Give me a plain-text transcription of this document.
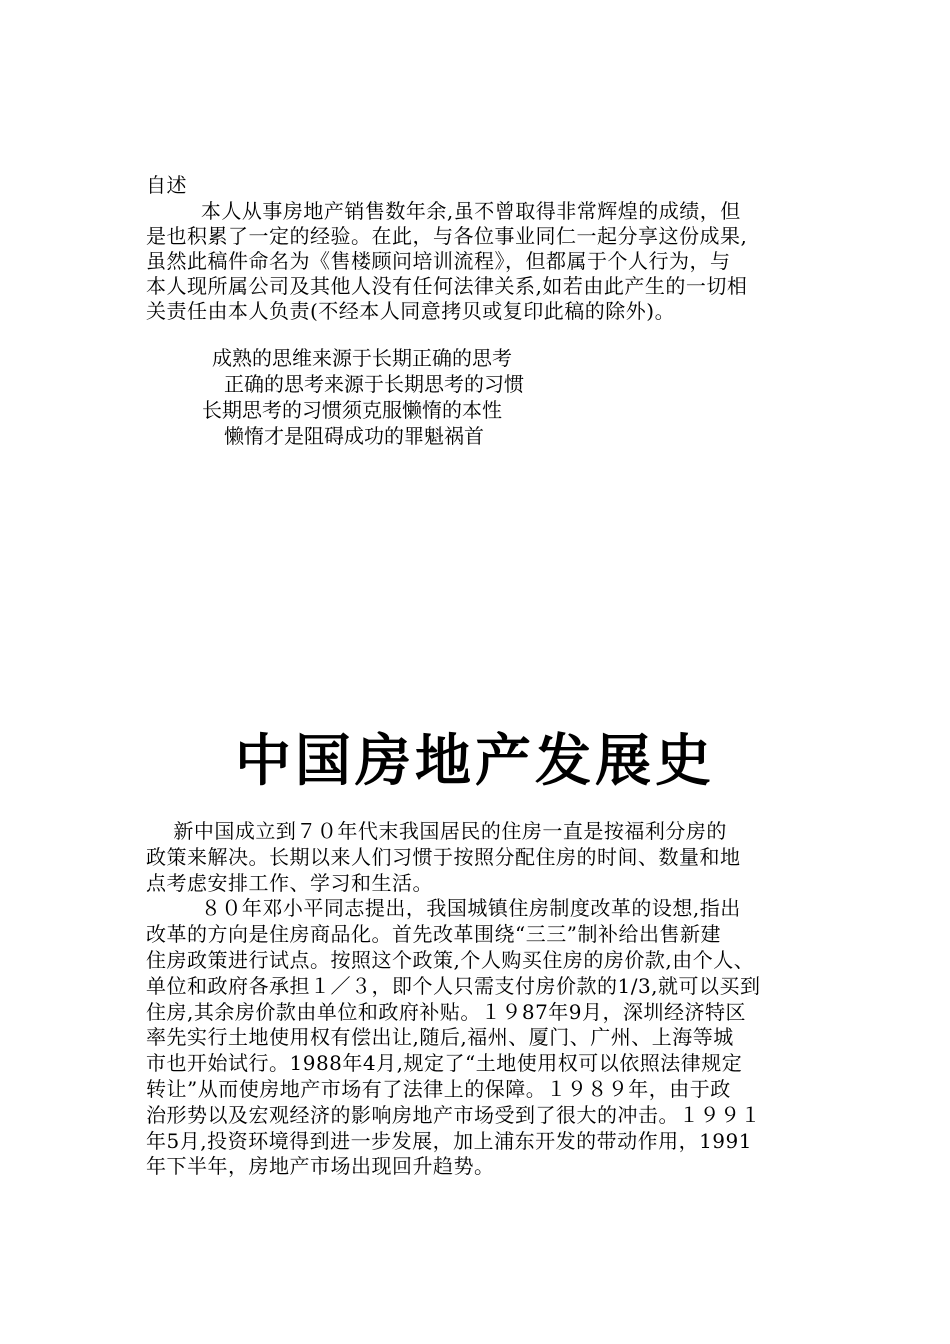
自述
本人从事房地产销售数年余,虽不曾取得非常辉煌的成绩，但
是也积累了一定的经验。在此，与各位事业同仁一起分享这份成果,
虽然此稿件命名为《售楼顾问培训流程》，但都属于个人行为，与
本人现所属公司及其他人没有任何法律关系,如若由此产生的一切相
关责任由本人负责(不经本人同意拷贝或复印此稿的除外)。
成熟的思维来源于长期正确的思考
正确的思考来源于长期思考的习惯
长期思考的习惯须克服懒惰的本性
懒惰才是阻碍成功的罪魁祸首
中国房地产发展史
新中国成立到７０年代末我国居民的住房一直是按福利分房的
政策来解决。长期以来人们习惯于按照分配住房的时间、数量和地
点考虑安排工作、学习和生活。
８０年邓小平同志提出，我国城镇住房制度改革的设想,指出
改革的方向是住房商品化。首先改革围绕“三三”制补给出售新建
住房政策进行试点。按照这个政策,个人购买住房的房价款,由个人、
单位和政府各承担１／３，即个人只需支付房价款的1/3,就可以买到
住房,其余房价款由单位和政府补贴。１９87年9月，深圳经济特区
率先实行土地使用权有偿出让,随后,福州、厦门、广州、上海等城
市也开始试行。1988年4月,规定了“土地使用权可以依照法律规定
转让”从而使房地产市场有了法律上的保障。１９８９年，由于政
治形势以及宏观经济的影响房地产市场受到了很大的冲击。１９９１
年5月,投资环境得到进一步发展，加上浦东开发的带动作用，1991
年下半年，房地产市场出现回升趋势。
